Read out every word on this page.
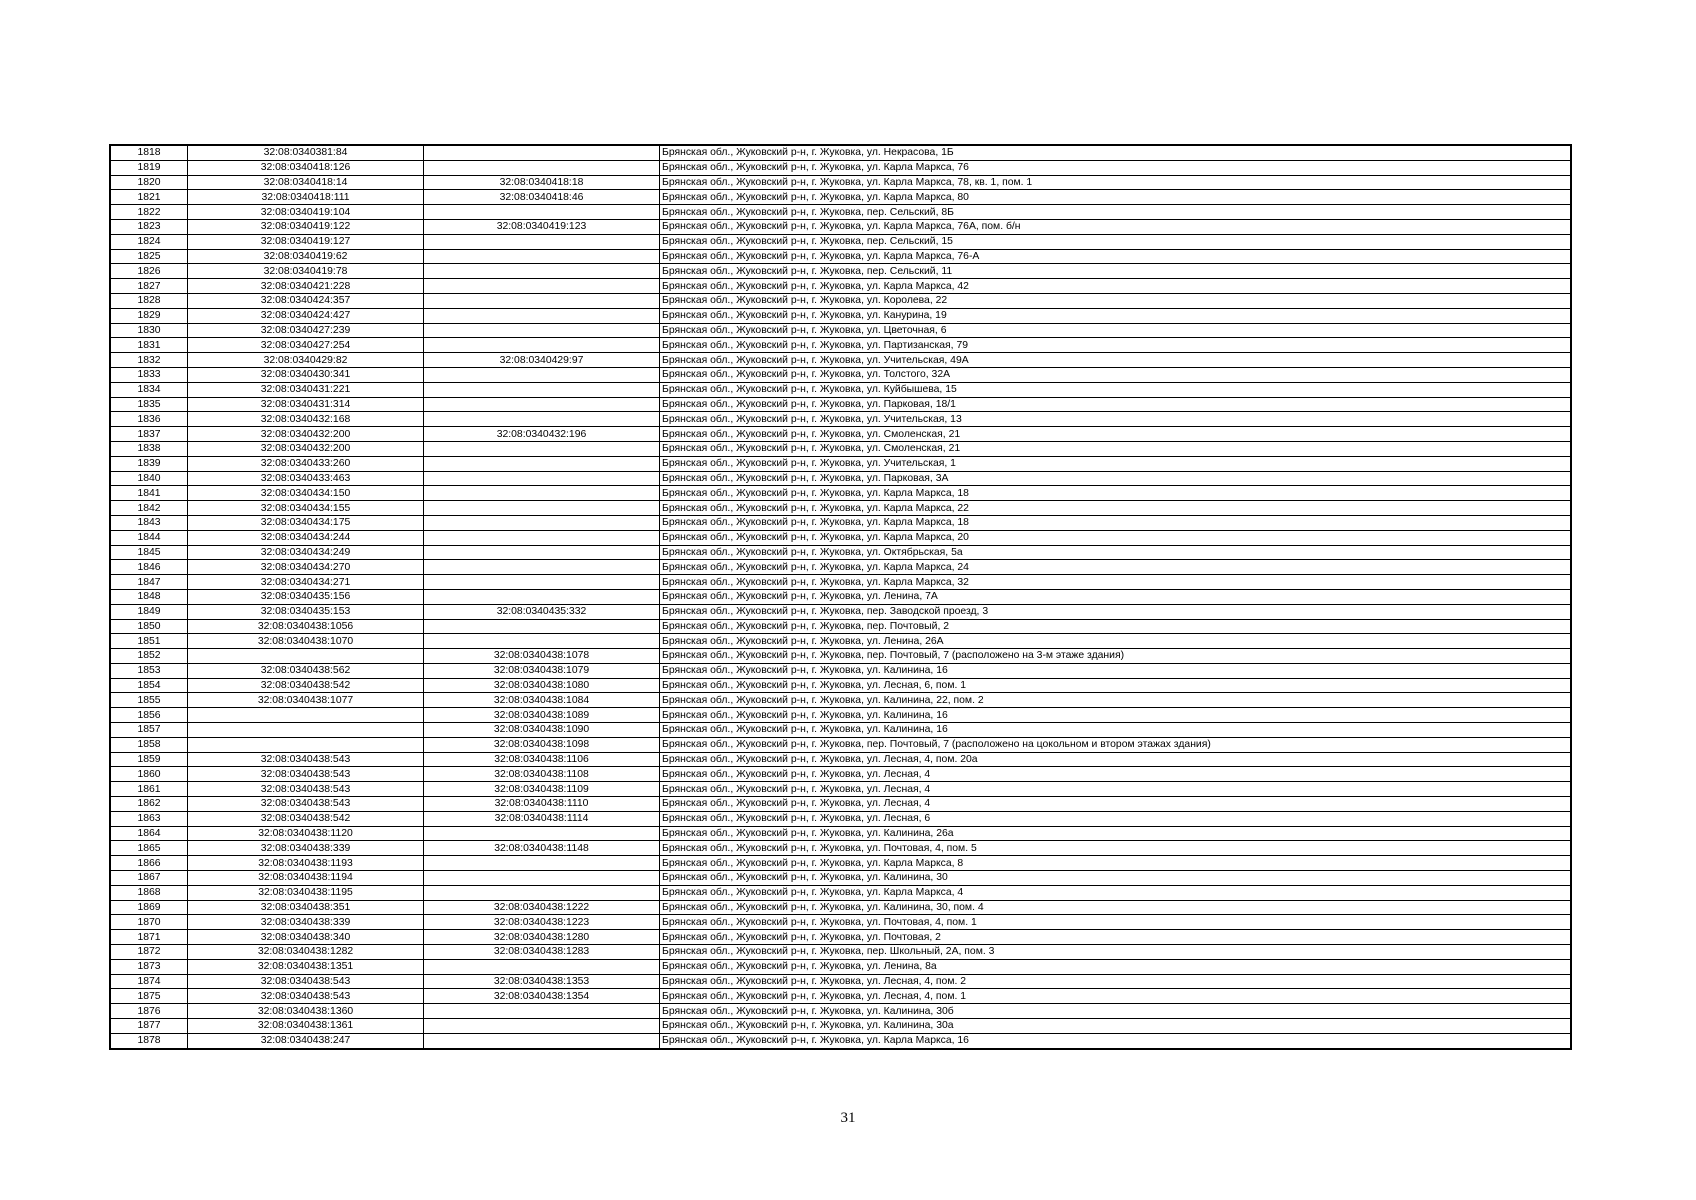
1818	32:08:0340381:84		Брянская обл., Жуковский р-н, г. Жуковка, ул. Некрасова, 1Б
1819	32:08:0340418:126		Брянская обл., Жуковский р-н, г. Жуковка, ул. Карла Маркса, 76
1820	32:08:0340418:14	32:08:0340418:18	Брянская обл., Жуковский р-н, г. Жуковка, ул. Карла Маркса, 78, кв. 1, пом. 1
1821	32:08:0340418:111	32:08:0340418:46	Брянская обл., Жуковский р-н, г. Жуковка, ул. Карла Маркса, 80
1822	32:08:0340419:104		Брянская обл., Жуковский р-н, г. Жуковка, пер. Сельский, 8Б
1823	32:08:0340419:122	32:08:0340419:123	Брянская обл., Жуковский р-н, г. Жуковка, ул. Карла Маркса, 76А, пом. б/н
1824	32:08:0340419:127		Брянская обл., Жуковский р-н, г. Жуковка, пер. Сельский, 15
1825	32:08:0340419:62		Брянская обл., Жуковский р-н, г. Жуковка, ул. Карла Маркса, 76-А
1826	32:08:0340419:78		Брянская обл., Жуковский р-н, г. Жуковка, пер. Сельский, 11
1827	32:08:0340421:228		Брянская обл., Жуковский р-н, г. Жуковка, ул. Карла Маркса, 42
1828	32:08:0340424:357		Брянская обл., Жуковский р-н, г. Жуковка, ул. Королева, 22
1829	32:08:0340424:427		Брянская обл., Жуковский р-н, г. Жуковка, ул. Канурина, 19
1830	32:08:0340427:239		Брянская обл., Жуковский р-н, г. Жуковка, ул. Цветочная, 6
1831	32:08:0340427:254		Брянская обл., Жуковский р-н, г. Жуковка, ул. Партизанская, 79
1832	32:08:0340429:82	32:08:0340429:97	Брянская обл., Жуковский р-н, г. Жуковка, ул. Учительская, 49А
1833	32:08:0340430:341		Брянская обл., Жуковский р-н, г. Жуковка, ул. Толстого, 32А
1834	32:08:0340431:221		Брянская обл., Жуковский р-н, г. Жуковка, ул. Куйбышева, 15
1835	32:08:0340431:314		Брянская обл., Жуковский р-н, г. Жуковка, ул. Парковая, 18/1
1836	32:08:0340432:168		Брянская обл., Жуковский р-н, г. Жуковка, ул. Учительская, 13
1837	32:08:0340432:200	32:08:0340432:196	Брянская обл., Жуковский р-н, г. Жуковка, ул. Смоленская, 21
1838	32:08:0340432:200		Брянская обл., Жуковский р-н, г. Жуковка, ул. Смоленская, 21
1839	32:08:0340433:260		Брянская обл., Жуковский р-н, г. Жуковка, ул. Учительская, 1
1840	32:08:0340433:463		Брянская обл., Жуковский р-н, г. Жуковка, ул. Парковая, 3А
1841	32:08:0340434:150		Брянская обл., Жуковский р-н, г. Жуковка, ул. Карла Маркса, 18
1842	32:08:0340434:155		Брянская обл., Жуковский р-н, г. Жуковка, ул. Карла Маркса, 22
1843	32:08:0340434:175		Брянская обл., Жуковский р-н, г. Жуковка, ул. Карла Маркса, 18
1844	32:08:0340434:244		Брянская обл., Жуковский р-н, г. Жуковка, ул. Карла Маркса, 20
1845	32:08:0340434:249		Брянская обл., Жуковский р-н, г. Жуковка, ул. Октябрьская, 5а
1846	32:08:0340434:270		Брянская обл., Жуковский р-н, г. Жуковка, ул. Карла Маркса, 24
1847	32:08:0340434:271		Брянская обл., Жуковский р-н, г. Жуковка, ул. Карла Маркса, 32
1848	32:08:0340435:156		Брянская обл., Жуковский р-н, г. Жуковка, ул. Ленина, 7А
1849	32:08:0340435:153	32:08:0340435:332	Брянская обл., Жуковский р-н, г. Жуковка, пер. Заводской проезд, 3
1850	32:08:0340438:1056		Брянская обл., Жуковский р-н, г. Жуковка, пер. Почтовый, 2
1851	32:08:0340438:1070		Брянская обл., Жуковский р-н, г. Жуковка, ул. Ленина, 26А
1852		32:08:0340438:1078	Брянская обл., Жуковский р-н, г. Жуковка, пер. Почтовый, 7 (расположено на 3-м этаже здания)
1853	32:08:0340438:562	32:08:0340438:1079	Брянская обл., Жуковский р-н, г. Жуковка, ул. Калинина, 16
1854	32:08:0340438:542	32:08:0340438:1080	Брянская обл., Жуковский р-н, г. Жуковка, ул. Лесная, 6, пом. 1
1855	32:08:0340438:1077	32:08:0340438:1084	Брянская обл., Жуковский р-н, г. Жуковка, ул. Калинина, 22, пом. 2
1856		32:08:0340438:1089	Брянская обл., Жуковский р-н, г. Жуковка, ул. Калинина, 16
1857		32:08:0340438:1090	Брянская обл., Жуковский р-н, г. Жуковка, ул. Калинина, 16
1858		32:08:0340438:1098	Брянская обл., Жуковский р-н, г. Жуковка, пер. Почтовый, 7 (расположено на цокольном и втором этажах здания)
1859	32:08:0340438:543	32:08:0340438:1106	Брянская обл., Жуковский р-н, г. Жуковка, ул. Лесная, 4, пом. 20а
1860	32:08:0340438:543	32:08:0340438:1108	Брянская обл., Жуковский р-н, г. Жуковка, ул. Лесная, 4
1861	32:08:0340438:543	32:08:0340438:1109	Брянская обл., Жуковский р-н, г. Жуковка, ул. Лесная, 4
1862	32:08:0340438:543	32:08:0340438:1110	Брянская обл., Жуковский р-н, г. Жуковка, ул. Лесная, 4
1863	32:08:0340438:542	32:08:0340438:1114	Брянская обл., Жуковский р-н, г. Жуковка, ул. Лесная, 6
1864	32:08:0340438:1120		Брянская обл., Жуковский р-н, г. Жуковка, ул. Калинина, 26а
1865	32:08:0340438:339	32:08:0340438:1148	Брянская обл., Жуковский р-н, г. Жуковка, ул. Почтовая, 4, пом. 5
1866	32:08:0340438:1193		Брянская обл., Жуковский р-н, г. Жуковка, ул. Карла Маркса, 8
1867	32:08:0340438:1194		Брянская обл., Жуковский р-н, г. Жуковка, ул. Калинина, 30
1868	32:08:0340438:1195		Брянская обл., Жуковский р-н, г. Жуковка, ул. Карла Маркса, 4
1869	32:08:0340438:351	32:08:0340438:1222	Брянская обл., Жуковский р-н, г. Жуковка, ул. Калинина, 30, пом. 4
1870	32:08:0340438:339	32:08:0340438:1223	Брянская обл., Жуковский р-н, г. Жуковка, ул. Почтовая, 4, пом. 1
1871	32:08:0340438:340	32:08:0340438:1280	Брянская обл., Жуковский р-н, г. Жуковка, ул. Почтовая, 2
1872	32:08:0340438:1282	32:08:0340438:1283	Брянская обл., Жуковский р-н, г. Жуковка, пер. Школьный, 2А, пом. 3
1873	32:08:0340438:1351		Брянская обл., Жуковский р-н, г. Жуковка, ул. Ленина, 8а
1874	32:08:0340438:543	32:08:0340438:1353	Брянская обл., Жуковский р-н, г. Жуковка, ул. Лесная, 4, пом. 2
1875	32:08:0340438:543	32:08:0340438:1354	Брянская обл., Жуковский р-н, г. Жуковка, ул. Лесная, 4, пом. 1
1876	32:08:0340438:1360		Брянская обл., Жуковский р-н, г. Жуковка, ул. Калинина, 30б
1877	32:08:0340438:1361		Брянская обл., Жуковский р-н, г. Жуковка, ул. Калинина, 30а
1878	32:08:0340438:247		Брянская обл., Жуковский р-н, г. Жуковка, ул. Карла Маркса, 16
31
